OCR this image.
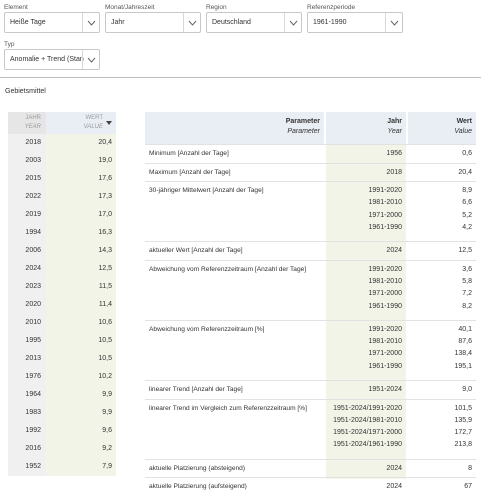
Element
Heiße Tage
Monat/Jahreszeit
Jahr
Region
Deutschland
Referenzperiode
1961-1990
Typ
Anomalie + Trend (Stan
Gebietsmittel
JAHR
YEAR
WERT
VALUE
2018	20,4
2003	19,0
2015	17,6
2022	17,3
2019	17,0
1994	16,3
2006	14,3
2024	12,5
2023	11,5
2020	11,4
2010	10,6
1995	10,5
2013	10,5
1976	10,2
1964	9,9
1983	9,9
1992	9,6
2016	9,2
1952	7,9
Parameter
Parameter
Jahr
Year
Wert
Value
Minimum [Anzahl der Tage]	1956	0,6
Maximum [Anzahl der Tage]	2018	20,4
30-jähriger Mittelwert [Anzahl der Tage]	1991-2020	8,9
1981-2010	6,6
1971-2000	5,2
1961-1990	4,2
aktueller Wert [Anzahl der Tage]	2024	12,5
Abweichung vom Referenzzeitraum [Anzahl der Tage]	1991-2020	3,6
1981-2010	5,8
1971-2000	7,2
1961-1990	8,2
Abweichung vom Referenzzeitraum [%]	1991-2020	40,1
1981-2010	87,6
1971-2000	138,4
1961-1990	195,1
linearer Trend [Anzahl der Tage]	1951-2024	9,0
linearer Trend im Vergleich zum Referenzzeitraum [%]	1951-2024/1991-2020	101,5
1951-2024/1981-2010	135,9
1951-2024/1971-2000	172,7
1951-2024/1961-1990	213,8
aktuelle Platzierung (absteigend)	2024	8
aktuelle Platzierung (aufsteigend)	2024	67
